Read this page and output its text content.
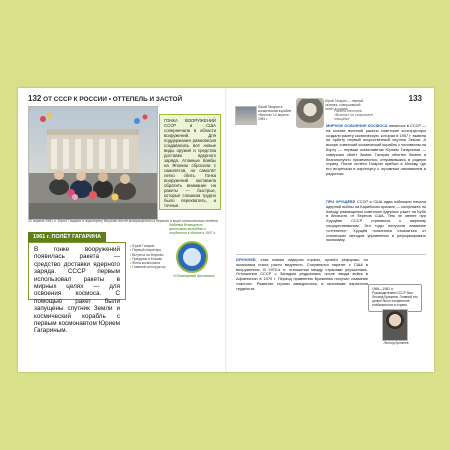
132 ОТ СССР К РОССИИ • ОТТЕПЕЛЬ И ЗАСТОЙ
12 апреля 1961 г. Юрий Гагарин в аэропорту Внуково после возвращения из первого в мире космического полёта
ГОНКА ВООРУЖЕНИЙ СССР и США соперничали в области вооружений. Для поддержания равновесия создавались всё новые виды оружия и средства доставки ядерного заряда. Атомные бомбы на Японию сбросили с самолётов, но самолёт легко сбить. Гонка вооружений заставила обратить внимание на ракеты — быстрые, которые слишком трудно было перехватить, и точные.
Эмблема Всемирного фестиваля молодёжи и студентов в Москве в 1957 г.
VI Всемирный фестиваль
1961 г. ПОЛЁТ ГАГАРИНА
В гонке вооружений появилась ракета — средство доставки ядерного заряда. СССР первым использовал ракеты в мирных целях — для освоения космоса. С помощью ракет были запущены спутник Земли и космический корабль с первым космонавтом Юрием Гагариным.
▪ Юрий Гагарин
▪ Первый секретарь
▪ Встреча на Внуково
▪ Праздник в Москве
▪ Жена космонавта
▪ Главный конструктор
133
Юрий Гагарин в космическом корабле «Восток» 12 апреля 1961 г.
Юрий Гагарин — первый человек, совершивший полёт в космос
Ракета-носитель «Восток» на стартовой площадке
МИРНОЕ ОСВОЕНИЕ КОСМОСА началось в СССР — на основе военной ракеты советские конструкторы создали ракету космическую, которая в 1957 г. вывела на орбиту первый искусственный спутник Земли. А вскоре советский космический корабль с человеком на борту — первым космонавтом Юрием Гагариным — совершил облёт Земли. Гагарин облетел Землю и благополучно приземлился, отправившись в родную страну. После полёта Гагарин прибыл в Москву, где его встречали в аэропорту с огромным ликованием и радостью.
ПРИ ХРУЩЁВЕ СССР и США едва избежали начала ядерной войны на Карибском кризисе — конфликта по поводу размещения советских ядерных ракет на Кубе в близости от берегов США. Тем не менее при Хрущёве СССР стремился к мирному сосуществованию. Эти годы получили название «оттепели». Хрущёв попытался отказаться от сталинских методов управления и реформировать экономику.
БРЕЖНЕВ, став новым лидером страны, провёл реформы, но экономика стала расти медленно. Сохранялся паритет с США в вооружениях. В 1970-е гг. отношения между странами улучшились. Отношения СССР с Западом ухудшились после ввода войск в Афганистан в 1979 г. Период правления Брежнева получил название «застоя». Развитие страны замедлилось, в экономике нарастали трудности.	1964—1982 гг. Руководителем СССР был Леонид Брежнев. Главной его целью было сохранение стабильности в стране.
Леонид Брежнев
